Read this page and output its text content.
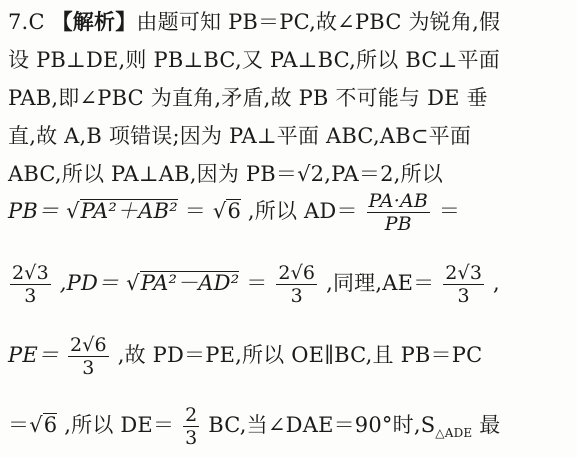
7.C 【解析】由题可知 PB＝PC,故∠PBC 为锐角,假
设 PB⊥DE,则 PB⊥BC,又 PA⊥BC,所以 BC⊥平面
PAB,即∠PBC 为直角,矛盾,故 PB 不可能与 DE 垂
直,故 A,B 项错误;因为 PA⊥平面 ABC,AB⊂平面
ABC,所以 PA⊥AB,因为 PB＝√2,PA＝2,所以
PB＝ √PA²＋AB² ＝ √6 ,所以 $AD= \frac{PA\cdot AB}{PB}$ ＝
$\frac{2√3}{3} ,PD= √PA^2-AD^2 = \frac{2√6}{3}$ ,同理$,AE= \frac{2√3}{3}$ ,
$PE= \frac{2√6}{3}$ ,故 PD＝PE,所以 OE∥BC,且 PB＝PC
＝√6 ,所以 $DE= \frac{2}{3}$ BC,当∠DAE＝90°时$,S_{\triangle ADE}$ 最
